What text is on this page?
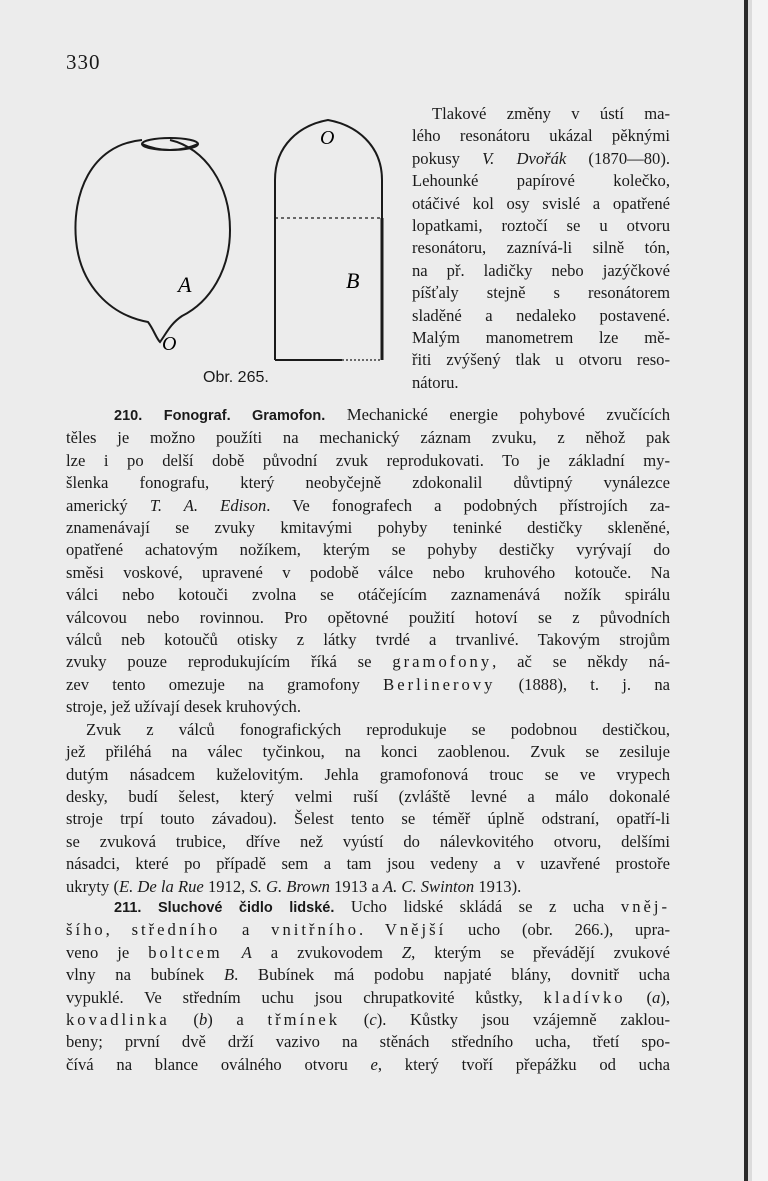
330
A
O
O
B
Obr. 265.
Tlakové změny v ústí ma-
lého resonátoru ukázal pěknými
pokusy V. Dvořák (1870—80).
Lehounké papírové kolečko,
otáčivé kol osy svislé a opatřené
lopatkami, roztočí se u otvoru
resonátoru, zaznívá-li silně tón,
na př. ladičky nebo jazýčkové
píšťaly stejně s resonátorem
sladěné a nedaleko postavené.
Malým manometrem lze mě-
řiti zvýšený tlak u otvoru reso-
nátoru.
210. Fonograf. Gramofon. Mechanické energie pohybové zvučících
těles je možno použíti na mechanický záznam zvuku, z něhož pak
lze i po delší době původní zvuk reprodukovati. To je základní my-
šlenka fonografu, který neobyčejně zdokonalil důvtipný vynálezce
americký T. A. Edison. Ve fonografech a podobných přístrojích za-
znamenávají se zvuky kmitavými pohyby teninké destičky skleněné,
opatřené achatovým nožíkem, kterým se pohyby destičky vyrývají do
směsi voskové, upravené v podobě válce nebo kruhového kotouče. Na
válci nebo kotouči zvolna se otáčejícím zaznamenává nožík spirálu
válcovou nebo rovinnou. Pro opětovné použití hotoví se z původních
válců neb kotoučů otisky z látky tvrdé a trvanlivé. Takovým strojům
zvuky pouze reprodukujícím říká se gramofony, ač se někdy ná-
zev tento omezuje na gramofony Berlinerovy (1888), t. j. na
stroje, jež užívají desek kruhových.
Zvuk z válců fonografických reprodukuje se podobnou destičkou,
jež přiléhá na válec tyčinkou, na konci zaoblenou. Zvuk se zesiluje
dutým násadcem kuželovitým. Jehla gramofonová trouc se ve vrypech
desky, budí šelest, který velmi ruší (zvláště levné a málo dokonalé
stroje trpí touto závadou). Šelest tento se téměř úplně odstraní, opatří-li
se zvuková trubice, dříve než vyústí do nálevkovitého otvoru, delšími
násadci, které po případě sem a tam jsou vedeny a v uzavřené prostoře
ukryty (E. De la Rue 1912, S. G. Brown 1913 a A. C. Swinton 1913).
211. Sluchové čidlo lidské. Ucho lidské skládá se z ucha vněj-
šího, středního a vnitřního. Vnější ucho (obr. 266.), upra-
veno je boltcem A a zvukovodem Z, kterým se převádějí zvukové
vlny na bubínek B. Bubínek má podobu napjaté blány, dovnitř ucha
vypuklé. Ve středním uchu jsou chrupatkovité kůstky, kladívko (a),
kovadlinka (b) a třmínek (c). Kůstky jsou vzájemně zaklou-
beny; první dvě drží vazivo na stěnách středního ucha, třetí spo-
čívá na blance oválného otvoru e, který tvoří přepážku od ucha
